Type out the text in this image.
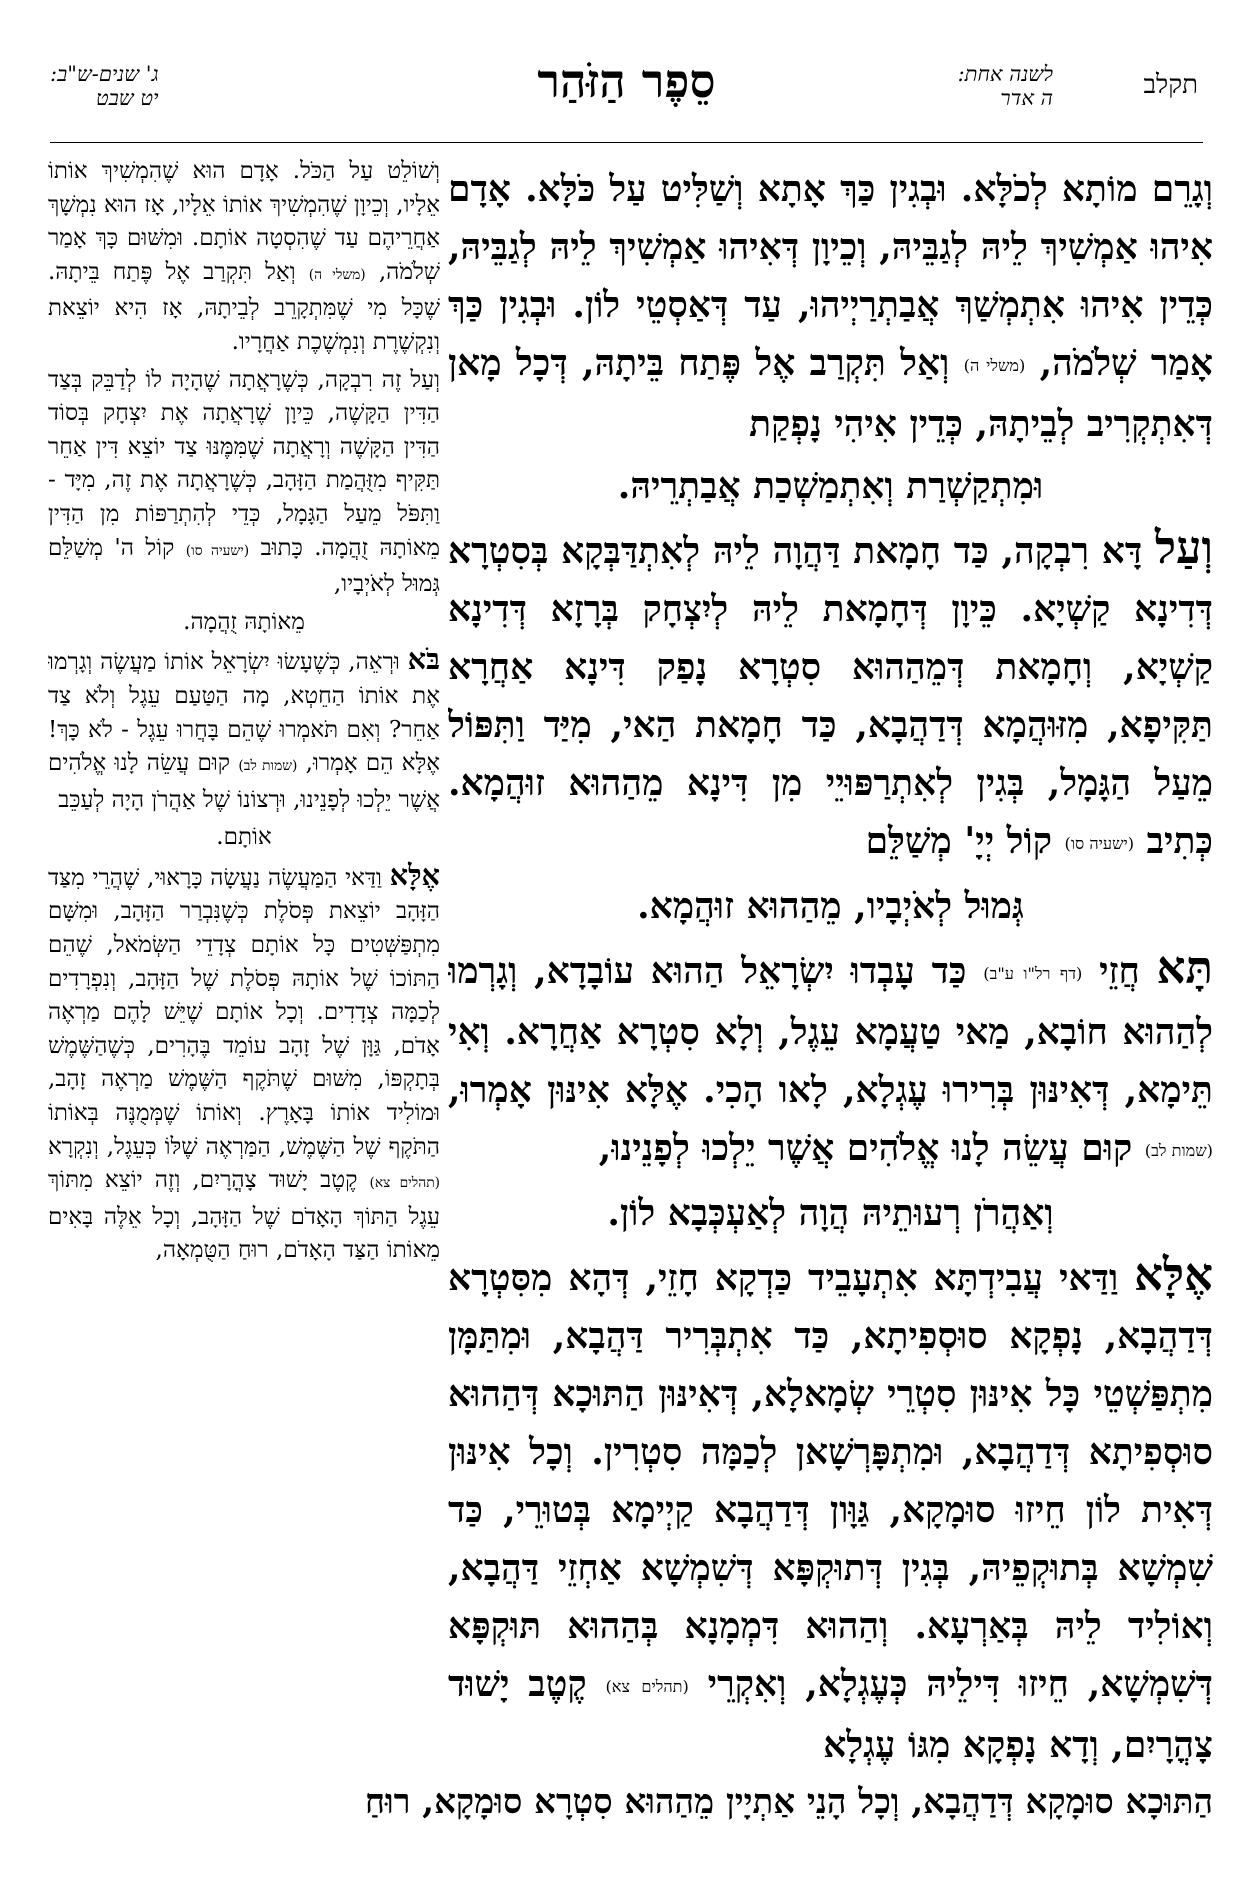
תקלב
לשנה אחת:
ה אדר
סֵפֶר הַזֹּהַר
ג' שנים-ש"ב:
יט שבט

וְגָרֵם מוֹתָא לְכֹלָּא. וּבְגִין כַּךְ אָתָא וְשַׁלִּיט עַל כֹּלָּא. אָדָם אִיהוּ אַמְשִׁיךְ לֵיהּ לְגַבֵּיהּ, וְכֵיוָן דְּאִיהוּ אַמְשִׁיךְ לֵיהּ לְגַבֵּיהּ, כְּדֵין אִיהוּ אִתְמְשַׁךְ אֲבַתְרַיְיהוּ, עַד דְּאַסְטֵי לוֹן. וּבְגִין כַּךְ אָמַר שְׁלֹמֹה, (משלי ה) וְאַל תִּקְרַב אֶל פֶּתַח בֵּיתָהּ, דְּכָל מָאן דְּאִתְקְרִיב לְבֵיתָהּ, כְּדֵין אִיהִי נָפְקַת

וּמִתְקַשְׁרַת וְאִתְמַשְׁכַת אֲבַתְרֵיהּ.

וְעַל דָּא רִבְקָה, כַּד חָמָאת דַּהֲוָה לֵיהּ לְאִתְדַּבְּקָא בְּסִטְרָא דְּדִינָא קַשְׁיָא. כֵּיוָן דְּחָמָאת לֵיהּ לְיִצְחָק בְּרָזָא דְּדִינָא קַשְׁיָא, וְחָמָאת דְּמֵהַהוּא סִטְרָא נָפַק דִּינָא אַחֲרָא תַּקִּיפָא, מִזּוּהֲמָא דְּדַהֲבָא, כַּד חָמָאת הַאי, מִיַּד וַתִּפּוֹל מֵעַל הַגָּמָל, בְּגִין לְאִתְרַפּוּיֵי מִן דִּינָא מֵהַהוּא זוּהֲמָא. כְּתִיב (ישעיה סו) קוֹל יְיָ' מְשַׁלֵּם

גְּמוּל לְאֹיְבָיו, מֵהַהוּא זוּהֲמָא.

תָּא חֲזֵי (דף רל"ו ע"ב) כַּד עָבְדוּ יִשְׂרָאֵל הַהוּא עוֹבָדָא, וְגָרְמוּ לְהַהוּא חוֹבָא, מַאי טַעֲמָא עֵגֶל, וְלָא סִטְרָא אַחֲרָא. וְאִי תֵּימָא, דְּאִינּוּן בְּרִירוּ עֶגְלָא, לָאו הָכִי. אֶלָּא אִינּוּן אָמְרוּ, (שמות לב) קוּם עֲשֵׂה לָנוּ אֱלֹהִים אֲשֶׁר יֵלְכוּ לְפָנֵינוּ,

וְאַהֲרֹן רְעוּתֵיהּ הֲוָה לְאַעְכְּבָא לוֹן.

אֶלָּא וַדַּאי עֲבִידְתָּא אִתְעָבֵיד כַּדְקָא חָזֵי, דְּהָא מִסִּטְרָא דְּדַהֲבָא, נָפְקָא סוּסְפִיתָא, כַּד אִתְבְּרִיר דַּהֲבָא, וּמִתַּמָּן מִתְפַּשְׁטֵי כָּל אִינּוּן סִטְרֵי שְׂמָאלָא, דְּאִינּוּן הַתּוּכָא דְּהַהוּא סוּסְפִיתָא דְּדַהֲבָא, וּמִתְפָּרְשָׁאן לְכַמָּה סִטְרִין. וְכָל אִינּוּן דְּאִית לוֹן חֵיזוּ סוּמָקָא, גַּוָּון דְּדַהֲבָא קַיְימָא בְּטוּרֵי, כַּד שִׁמְשָׁא בְּתוּקְפֵיהּ, בְּגִין דְּתוּקְפָּא דְּשִׁמְשָׁא אַחְזֵי דַּהֲבָא, וְאוֹלִיד לֵיהּ בְּאַרְעָא. וְהַהוּא דִּמְמָנָא בְּהַהוּא תּוּקְפָּא דְּשִׁמְשָׁא, חֵיזוּ דִּילֵיהּ כְּעֶגְלָא, וְאִקְרֵי (תהלים צא) קֶטֶב יָשׁוּד צָהֳרָיִם, וְדָא נָפְקָא מִגּוֹ עֶגְלָא

וְשׁוֹלֵט עַל הַכֹּל. אָדָם הוּא שֶׁהִמְשִׁיךְ אוֹתוֹ אֵלָיו, וְכֵיוָן שֶׁהִמְשִׁיךְ אוֹתוֹ אֵלָיו, אָז הוּא נִמְשָׁךְ אַחֲרֵיהֶם עַד שֶׁהִסְטָה אוֹתָם. וּמִשּׁוּם כָּךְ אָמַר שְׁלֹמֹה, (משלי ה) וְאַל תִּקְרַב אֶל פֶּתַח בֵּיתָהּ. שֶׁכָּל מִי שֶׁמִּתְקָרֵב לְבֵיתָהּ, אָז הִיא יוֹצֵאת וְנִקְשֶׁרֶת וְנִמְשֶׁכֶת אַחֲרָיו.

וְעַל זֶה רִבְקָה, כְּשֶׁרָאֲתָה שֶׁהָיָה לוֹ לְדַבֵּק בְּצַד הַדִּין הַקָּשֶׁה, כֵּיוָן שֶׁרָאֲתָה אֶת יִצְחָק בְּסוֹד הַדִּין הַקָּשֶׁה וְרָאֲתָה שֶׁמִּמֶּנּוּ צַד יוֹצֵא דִּין אַחֵר תַּקִּיף מִזֻּהֲמַת הַזָּהָב, כְּשֶׁרָאֲתָה אֶת זֶה, מִיָּד - וַתִּפֹּל מֵעַל הַגָּמָל, כְּדֵי לְהִתְרַפּוֹת מִן הַדִּין מֵאוֹתָהּ זֻהֲמָה. כָּתוּב (ישעיה סו) קוֹל ה' מְשַׁלֵּם גְּמוּל לְאֹיְבָיו,

מֵאוֹתָהּ זֻהֲמָה.

בֹּא וּרְאֵה, כְּשֶׁעָשׂוּ יִשְׂרָאֵל אוֹתוֹ מַעֲשֶׂה וְגָרְמוּ אֶת אוֹתוֹ הַחֵטְא, מָה הַטַּעַם עֵגֶל וְלֹא צַד אַחֵר? וְאִם תֹּאמְרוּ שֶׁהֵם בָּחֲרוּ עֵגֶל - לֹא כָּךְ! אֶלָּא הֵם אָמְרוּ, (שמות לב) קוּם עֲשֵׂה לָנוּ אֱלֹהִים אֲשֶׁר יֵלְכוּ לְפָנֵינוּ, וּרְצוֹנוֹ שֶׁל אַהֲרֹן הָיָה לְעַכֵּב

אוֹתָם.

אֶלָּא וַדַּאי הַמַּעֲשֶׂה נַעֲשָׂה כָּרָאוּי, שֶׁהֲרֵי מִצַּד הַזָּהָב יוֹצֵאת פְּסֹלֶת כְּשֶׁנִּבְרַר הַזָּהָב, וּמִשָּׁם מִתְפַּשְּׁטִים כָּל אוֹתָם צְדָדֵי הַשְּׂמֹאל, שֶׁהֵם הַתּוֹכוֹ שֶׁל אוֹתָהּ פְּסֹלֶת שֶׁל הַזָּהָב, וְנִפְרָדִים לְכַמָּה צְדָדִים. וְכָל אוֹתָם שֶׁיֵּשׁ לָהֶם מַרְאֶה אָדֹם, גַּוָּן שֶׁל זָהָב עוֹמֵד בֶּהָרִים, כְּשֶׁהַשֶּׁמֶשׁ בְּתָקְפּוֹ, מִשּׁוּם שֶׁתֹּקֶף הַשֶּׁמֶשׁ מַרְאֶה זָהָב, וּמוֹלִיד אוֹתוֹ בָּאָרֶץ. וְאוֹתוֹ שֶׁמְּמֻנֶּה בְּאוֹתוֹ הַתֹּקֶף שֶׁל הַשֶּׁמֶשׁ, הַמַּרְאֶה שֶׁלּוֹ כְּעֵגֶל, וְנִקְרָא (תהלים צא) קֶטֶב יָשׁוּד צָהֳרָיִם, וְזֶה יוֹצֵא מִתּוֹךְ עֵגֶל הַתּוֹךְ הָאָדֹם שֶׁל הַזָּהָב, וְכָל אֵלֶּה בָּאִים מֵאוֹתוֹ הַצַּד הָאָדֹם, רוּחַ הַטֻּמְאָה,

הַתּוּכָא סוּמָקָא דְּדַהֲבָא, וְכָל הָנֵי אַתְיָין מֵהַהוּא סִטְרָא סוּמָקָא, רוּחַ
